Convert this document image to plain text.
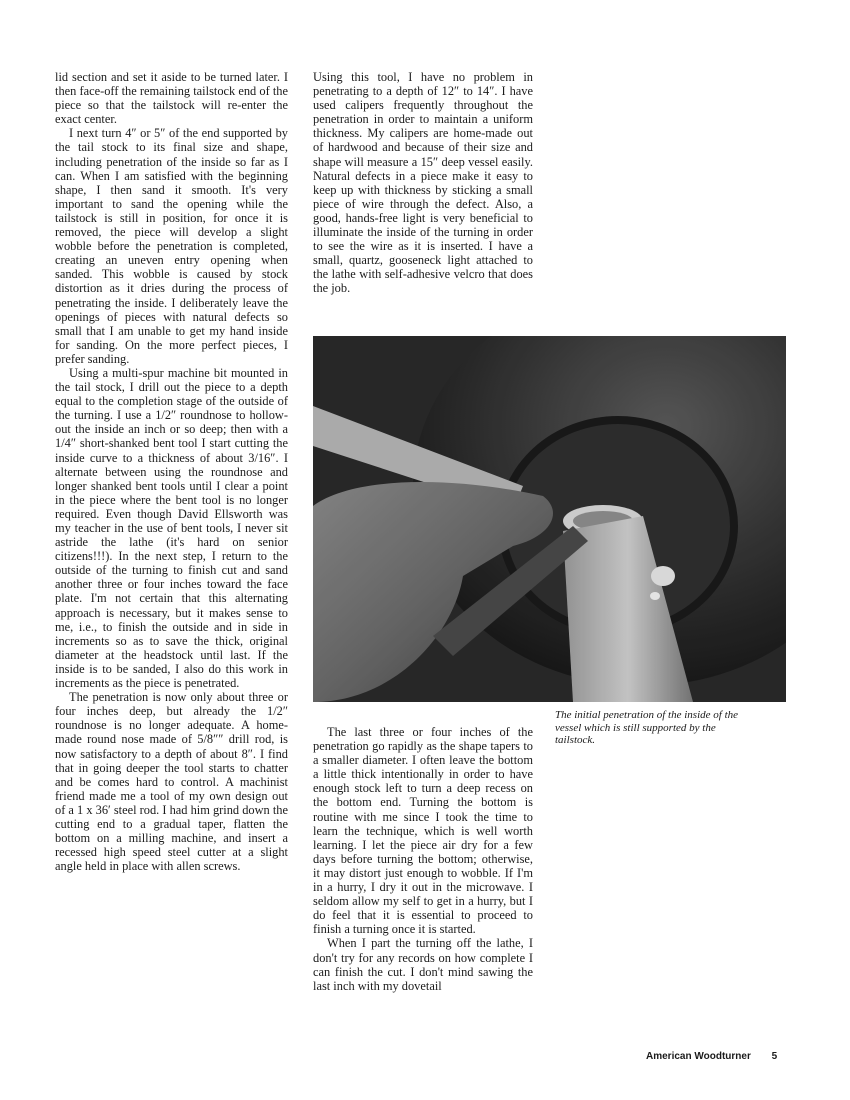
lid section and set it aside to be turned later. I then face-off the remaining tailstock end of the piece so that the tailstock will re-enter the exact center.

I next turn 4″ or 5″ of the end supported by the tail stock to its final size and shape, including penetration of the inside so far as I can. When I am satisfied with the beginning shape, I then sand it smooth. It's very important to sand the opening while the tailstock is still in position, for once it is removed, the piece will develop a slight wobble before the penetration is completed, creating an uneven entry opening when sanded. This wobble is caused by stock distortion as it dries during the process of penetrating the inside. I deliberately leave the openings of pieces with natural defects so small that I am unable to get my hand inside for sanding. On the more perfect pieces, I prefer sanding.

Using a multi-spur machine bit mounted in the tail stock, I drill out the piece to a depth equal to the completion stage of the outside of the turning. I use a 1/2″ roundnose to hollow-out the inside an inch or so deep; then with a 1/4″ short-shanked bent tool I start cutting the inside curve to a thickness of about 3/16″. I alternate between using the roundnose and longer shanked bent tools until I clear a point in the piece where the bent tool is no longer required. Even though David Ellsworth was my teacher in the use of bent tools, I never sit astride the lathe (it's hard on senior citizens!!!). In the next step, I return to the outside of the turning to finish cut and sand another three or four inches toward the face plate. I'm not certain that this alternating approach is necessary, but it makes sense to me, i.e., to finish the outside and in side in increments so as to save the thick, original diameter at the headstock until last. If the inside is to be sanded, I also do this work in increments as the piece is penetrated.

The penetration is now only about three or four inches deep, but already the 1/2″ roundnose is no longer adequate. A home-made round nose made of 5/8″″ drill rod, is now satisfactory to a depth of about 8″. I find that in going deeper the tool starts to chatter and be comes hard to control. A machinist friend made me a tool of my own design out of a 1 x 36′ steel rod. I had him grind down the cutting end to a gradual taper, flatten the bottom on a milling machine, and insert a recessed high speed steel cutter at a slight angle held in place with allen screws.

Using this tool, I have no problem in penetrating to a depth of 12″ to 14″. I have used calipers frequently throughout the penetration in order to maintain a uniform thickness. My calipers are home-made out of hardwood and because of their size and shape will measure a 15″ deep vessel easily. Natural defects in a piece make it easy to keep up with thickness by sticking a small piece of wire through the defect. Also, a good, hands-free light is very beneficial to illuminate the inside of the turning in order to see the wire as it is inserted. I have a small, quartz, gooseneck light attached to the lathe with self-adhesive velcro that does the job.

The initial penetration of the inside of the vessel which is still supported by the tailstock.

The last three or four inches of the penetration go rapidly as the shape tapers to a smaller diameter. I often leave the bottom a little thick intentionally in order to have enough stock left to turn a deep recess on the bottom end. Turning the bottom is routine with me since I took the time to learn the technique, which is well worth learning. I let the piece air dry for a few days before turning the bottom; otherwise, it may distort just enough to wobble. If I'm in a hurry, I dry it out in the microwave. I seldom allow my self to get in a hurry, but I do feel that it is essential to proceed to finish a turning once it is started.

When I part the turning off the lathe, I don't try for any records on how complete I can finish the cut. I don't mind sawing the last inch with my dovetail

American Woodturner 5
